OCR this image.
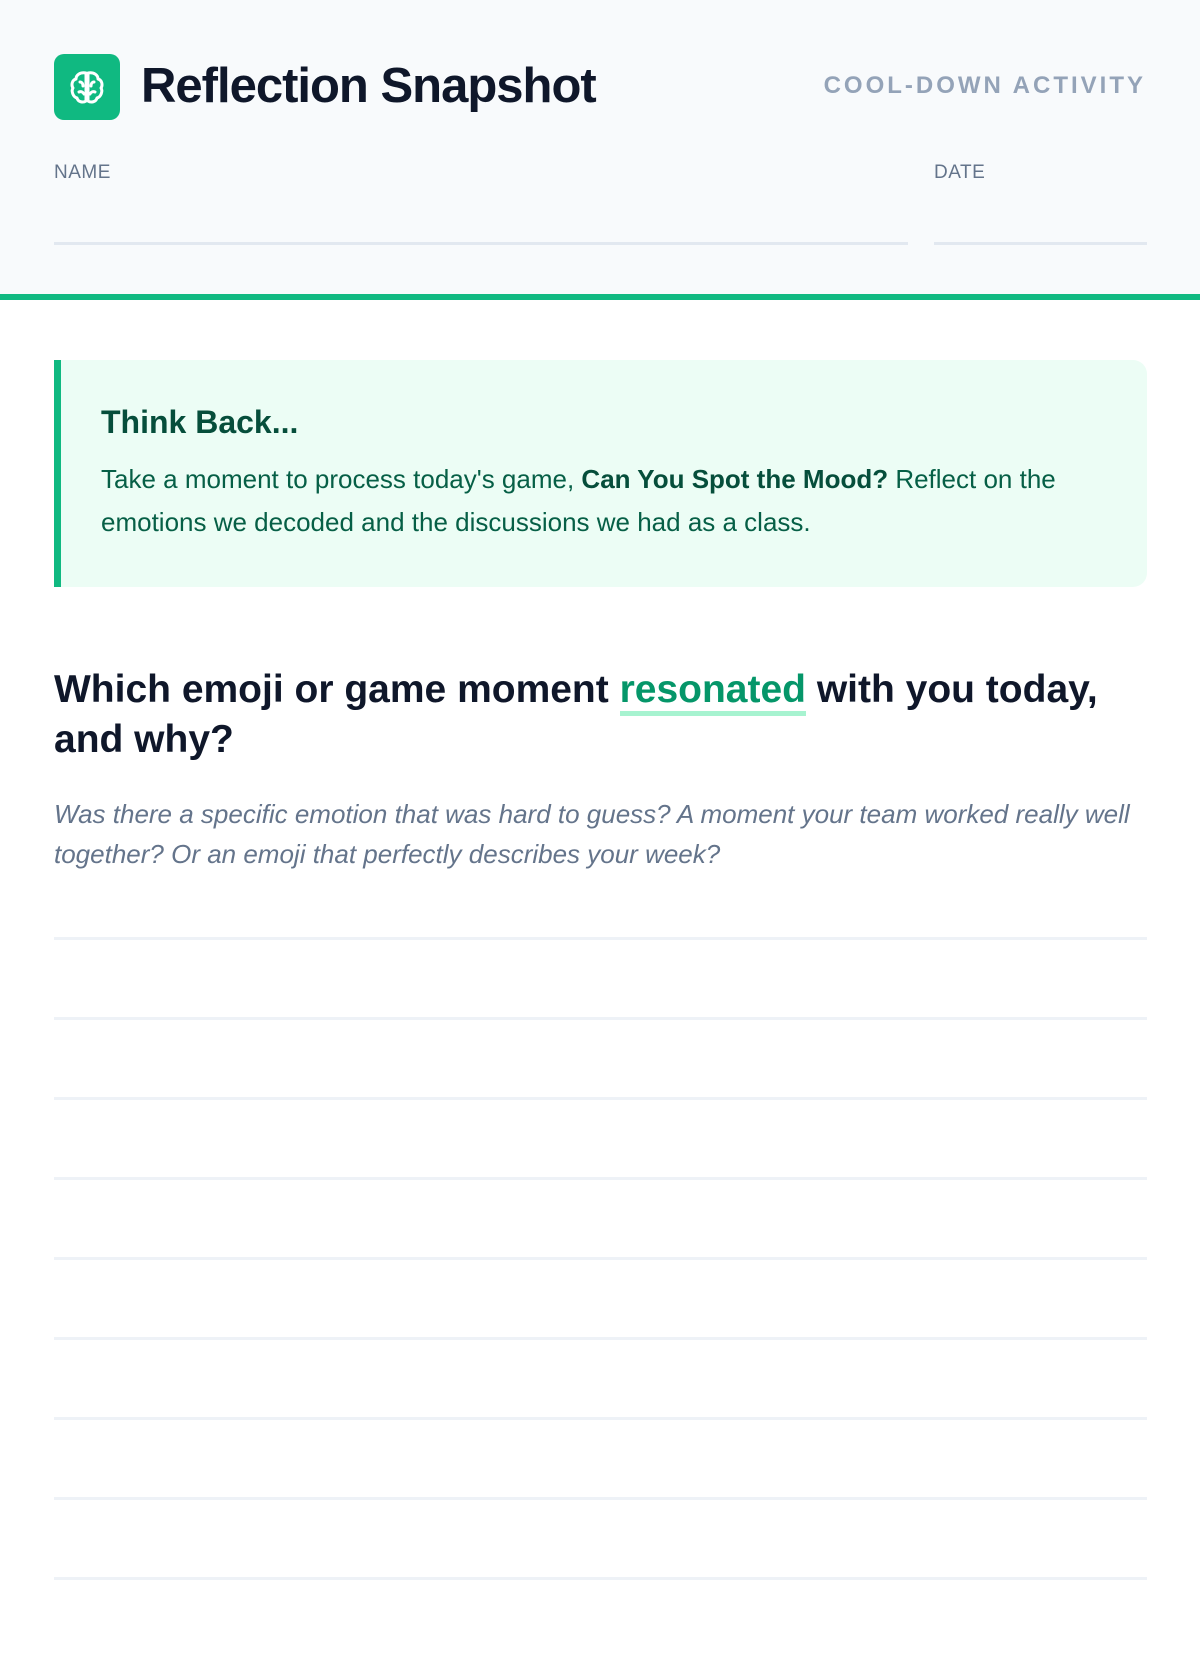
Reflection Snapshot	COOL-DOWN ACTIVITY
NAME	DATE
Think Back...
Take a moment to process today's game, Can You Spot the Mood? Reflect on the emotions we decoded and the discussions we had as a class.
Which emoji or game moment resonated with you today, and why?
Was there a specific emotion that was hard to guess? A moment your team worked really well together? Or an emoji that perfectly describes your week?
